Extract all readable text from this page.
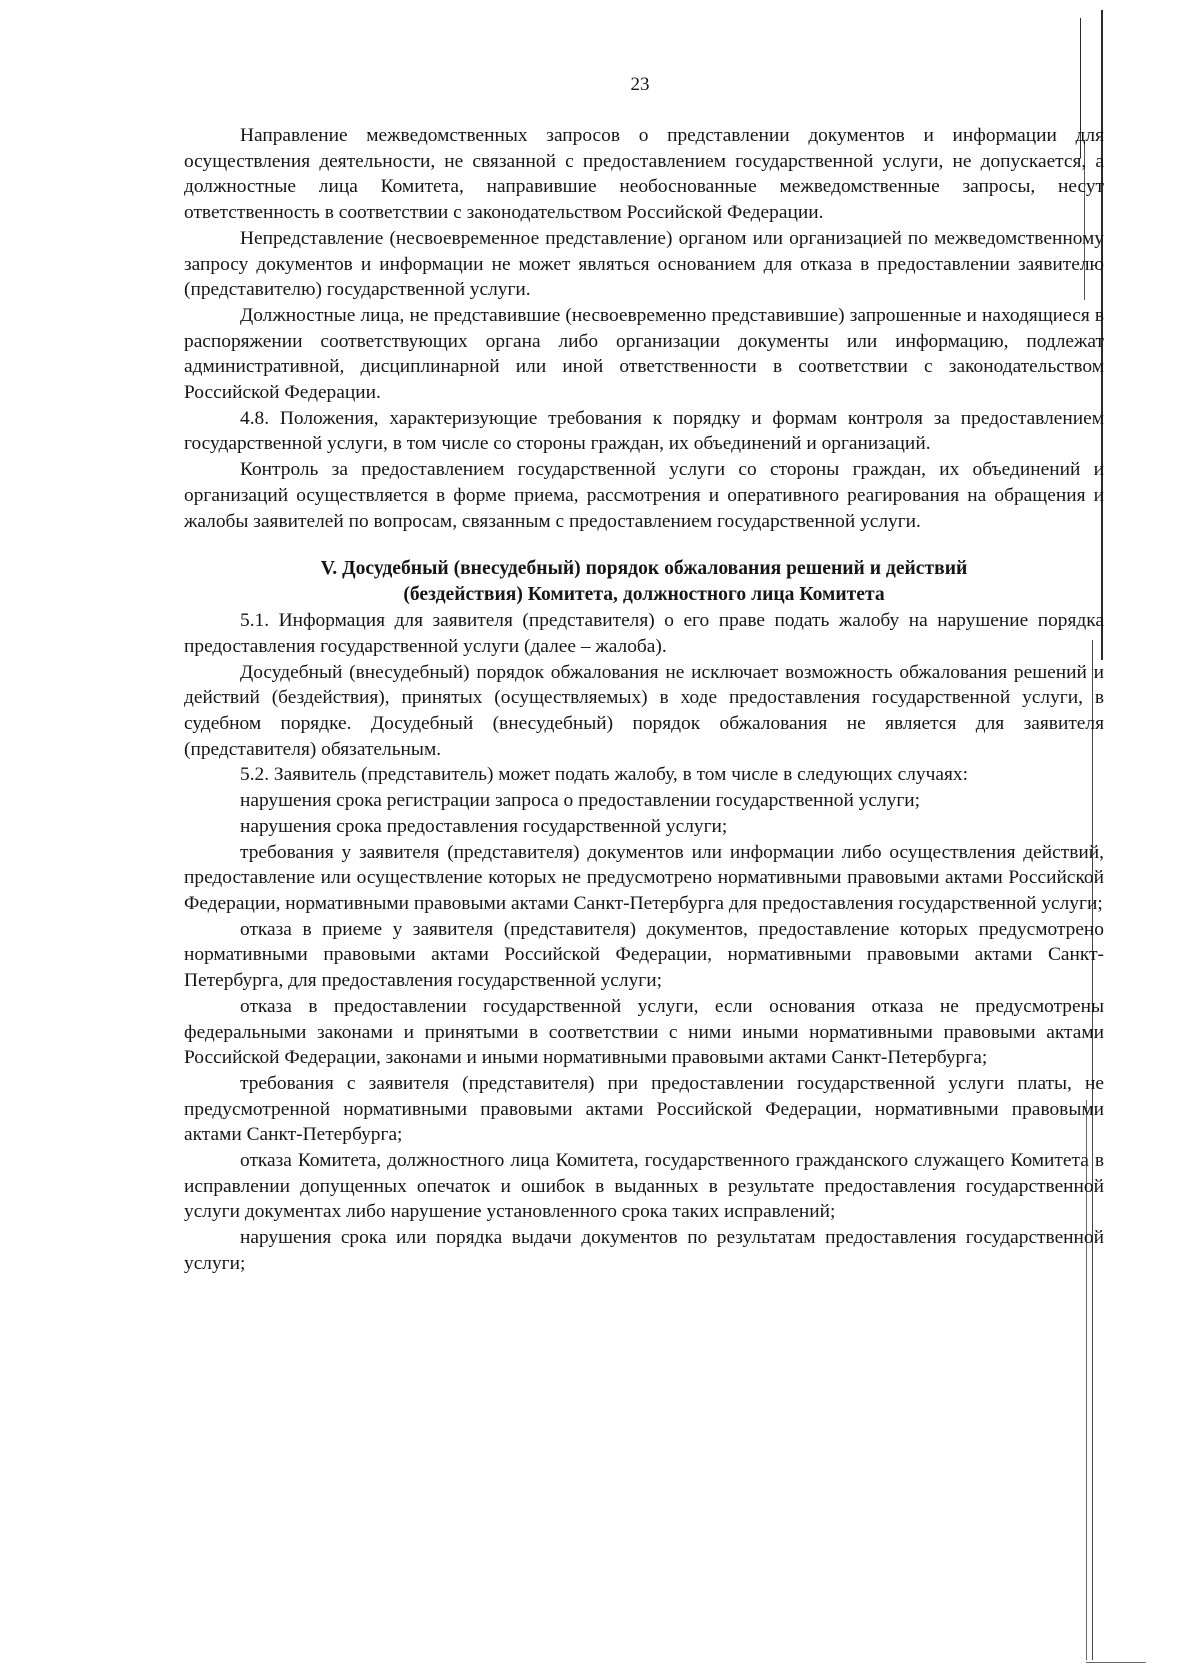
23

Направление межведомственных запросов о представлении документов и информации для осуществления деятельности, не связанной с предоставлением государственной услуги, не допускается, а должностные лица Комитета, направившие необоснованные межведомственные запросы, несут ответственность в соответствии с законодательством Российской Федерации.

Непредставление (несвоевременное представление) органом или организацией по межведомственному запросу документов и информации не может являться основанием для отказа в предоставлении заявителю (представителю) государственной услуги.

Должностные лица, не представившие (несвоевременно представившие) запрошенные и находящиеся в распоряжении соответствующих органа либо организации документы или информацию, подлежат административной, дисциплинарной или иной ответственности в соответствии с законодательством Российской Федерации.

4.8. Положения, характеризующие требования к порядку и формам контроля за предоставлением государственной услуги, в том числе со стороны граждан, их объединений и организаций.

Контроль за предоставлением государственной услуги со стороны граждан, их объединений и организаций осуществляется в форме приема, рассмотрения и оперативного реагирования на обращения и жалобы заявителей по вопросам, связанным с предоставлением государственной услуги.

V. Досудебный (внесудебный) порядок обжалования решений и действий
(бездействия) Комитета, должностного лица Комитета

5.1. Информация для заявителя (представителя) о его праве подать жалобу на нарушение порядка предоставления государственной услуги (далее – жалоба).

Досудебный (внесудебный) порядок обжалования не исключает возможность обжалования решений и действий (бездействия), принятых (осуществляемых) в ходе предоставления государственной услуги, в судебном порядке. Досудебный (внесудебный) порядок обжалования не является для заявителя (представителя) обязательным.

5.2. Заявитель (представитель) может подать жалобу, в том числе в следующих случаях:

нарушения срока регистрации запроса о предоставлении государственной услуги;

нарушения срока предоставления государственной услуги;

требования у заявителя (представителя) документов или информации либо осуществления действий, предоставление или осуществление которых не предусмотрено нормативными правовыми актами Российской Федерации, нормативными правовыми актами Санкт-Петербурга для предоставления государственной услуги;

отказа в приеме у заявителя (представителя) документов, предоставление которых предусмотрено нормативными правовыми актами Российской Федерации, нормативными правовыми актами Санкт-Петербурга, для предоставления государственной услуги;

отказа в предоставлении государственной услуги, если основания отказа не предусмотрены федеральными законами и принятыми в соответствии с ними иными нормативными правовыми актами Российской Федерации, законами и иными нормативными правовыми актами Санкт-Петербурга;

требования с заявителя (представителя) при предоставлении государственной услуги платы, не предусмотренной нормативными правовыми актами Российской Федерации, нормативными правовыми актами Санкт-Петербурга;

отказа Комитета, должностного лица Комитета, государственного гражданского служащего Комитета в исправлении допущенных опечаток и ошибок в выданных в результате предоставления государственной услуги документах либо нарушение установленного срока таких исправлений;

нарушения срока или порядка выдачи документов по результатам предоставления государственной услуги;
